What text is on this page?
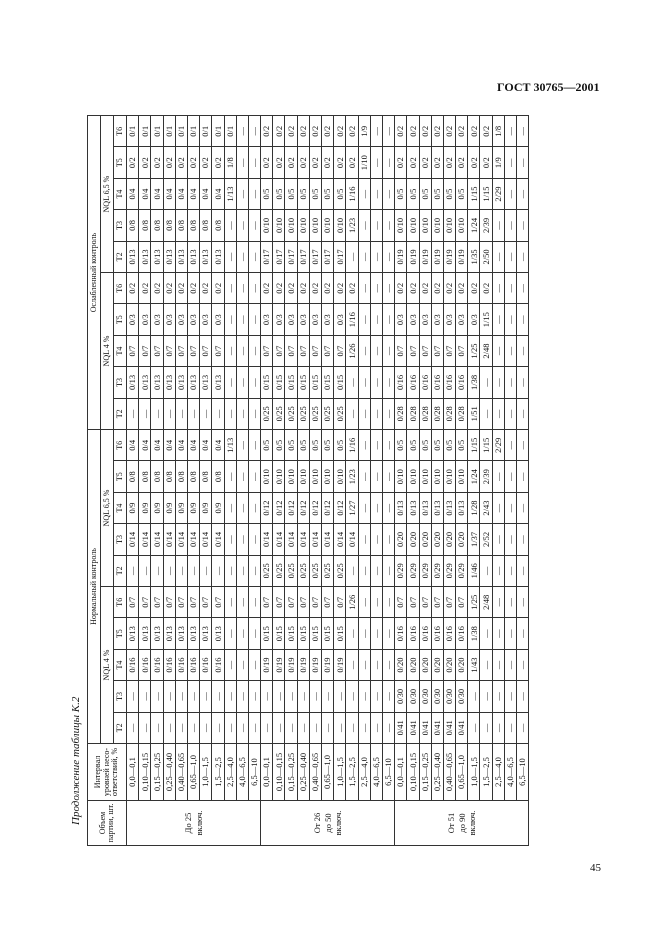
ГОСТ 30765—2001
Продолжение таблицы К.2 Объем партии, шт.	Интервал уровней несо-ответствий, %	Нормальный контроль										Ослабленный контроль									
		NQL 4 %					NQL 6,5 %					NQL 4 %					NQL 6,5 %				
		Т2	Т3	Т4	Т5	Т6	Т2	Т3	Т4	Т5	Т6	Т2	Т3	Т4	Т5	Т6	Т2	Т3	Т4	Т5	Т6

До 25 включ.	0,0—0,1	—	—	0/16	0/13	0/7	—	0/14	0/9	0/8	0/4	—	0/13	0/7	0/3	0/2	0/13	0/8	0/4	0/2	0/1
	0,10—0,15	—	—	0/16	0/13	0/7	—	0/14	0/9	0/8	0/4	—	0/13	0/7	0/3	0/2	0/13	0/8	0/4	0/2	0/1
	0,15—0,25	—	—	0/16	0/13	0/7	—	0/14	0/9	0/8	0/4	—	0/13	0/7	0/3	0/2	0/13	0/8	0/4	0/2	0/1
	0,25—0,40	—	—	0/16	0/13	0/7	—	0/14	0/9	0/8	0/4	—	0/13	0/7	0/3	0/2	0/13	0/8	0/4	0/2	0/1
	0,40—0,65	—	—	0/16	0/13	0/7	—	0/14	0/9	0/8	0/4	—	0/13	0/7	0/3	0/2	0/13	0/8	0/4	0/2	0/1
	0,65—1,0	—	—	0/16	0/13	0/7	—	0/14	0/9	0/8	0/4	—	0/13	0/7	0/3	0/2	0/13	0/8	0/4	0/2	0/1
	1,0—1,5	—	—	0/16	0/13	0/7	—	0/14	0/9	0/8	0/4	—	0/13	0/7	0/3	0/2	0/13	0/8	0/4	0/2	0/1
	1,5—2,5	—	—	0/16	0/13	0/7	—	0/14	0/9	0/8	0/4	—	0/13	0/7	0/3	0/2	0/13	0/8	0/4	0/2	0/1
	2,5—4,0	—	—	—	—	—	—	—	—	—	1/13	—	—	—	—	—	—	—	1/13	1/8	0/1
	4,0—6,5	—	—	—	—	—	—	—	—	—	—	—	—	—	—	—	—	—	—	—	—
	6,5—10	—	—	—	—	—	—	—	—	—	—	—	—	—	—	—	—	—	—	—	—

От 26 до 50 включ.	0,0—0,1	—	—	0/19	0/15	0/7	0/25	0/14	0/12	0/10	0/5	0/25	0/15	0/7	0/3	0/2	0/17	0/10	0/5	0/2	0/2
	0,10—0,15	—	—	0/19	0/15	0/7	0/25	0/14	0/12	0/10	0/5	0/25	0/15	0/7	0/3	0/2	0/17	0/10	0/5	0/2	0/2
	0,15—0,25	—	—	0/19	0/15	0/7	0/25	0/14	0/12	0/10	0/5	0/25	0/15	0/7	0/3	0/2	0/17	0/10	0/5	0/2	0/2
	0,25—0,40	—	—	0/19	0/15	0/7	0/25	0/14	0/12	0/10	0/5	0/25	0/15	0/7	0/3	0/2	0/17	0/10	0/5	0/2	0/2
	0,40—0,65	—	—	0/19	0/15	0/7	0/25	0/14	0/12	0/10	0/5	0/25	0/15	0/7	0/3	0/2	0/17	0/10	0/5	0/2	0/2
	0,65—1,0	—	—	0/19	0/15	0/7	0/25	0/14	0/12	0/10	0/5	0/25	0/15	0/7	0/3	0/2	0/17	0/10	0/5	0/2	0/2
	1,0—1,5	—	—	0/19	0/15	0/7	0/25	0/14	0/12	0/10	0/5	0/25	0/15	0/7	0/3	0/2	0/17	0/10	0/5	0/2	0/2
	1,5—2,5	—	—	—	—	1/26	—	0/14	1/27	1/23	1/16	—	—	1/26	1/16	0/2	—	1/23	1/16	0/2	0/2
	2,5—4,0	—	—	—	—	—	—	—	—	—	—	—	—	—	—	—	—	—	—	1/10	1/9
	4,0—6,5	—	—	—	—	—	—	—	—	—	—	—	—	—	—	—	—	—	—	—	—
	6,5—10	—	—	—	—	—	—	—	—	—	—	—	—	—	—	—	—	—	—	—	—

От 51 до 90 включ.	0,0—0,1	0/41	0/30	0/20	0/16	0/7	0/29	0/20	0/13	0/10	0/5	0/28	0/16	0/7	0/3	0/2	0/19	0/10	0/5	0/2	0/2
	0,10—0,15	0/41	0/30	0/20	0/16	0/7	0/29	0/20	0/13	0/10	0/5	0/28	0/16	0/7	0/3	0/2	0/19	0/10	0/5	0/2	0/2
	0,15—0,25	0/41	0/30	0/20	0/16	0/7	0/29	0/20	0/13	0/10	0/5	0/28	0/16	0/7	0/3	0/2	0/19	0/10	0/5	0/2	0/2
	0,25—0,40	0/41	0/30	0/20	0/16	0/7	0/29	0/20	0/13	0/10	0/5	0/28	0/16	0/7	0/3	0/2	0/19	0/10	0/5	0/2	0/2
	0,40—0,65	0/41	0/30	0/20	0/16	0/7	0/29	0/20	0/13	0/10	0/5	0/28	0/16	0/7	0/3	0/2	0/19	0/10	0/5	0/2	0/2
	0,65—1,0	0/41	0/30	0/20	0/16	0/7	0/29	0/20	0/13	0/10	0/5	0/28	0/16	0/7	0/3	0/2	0/19	0/10	0/5	0/2	0/2
	1,0—1,5	—	—	1/43	1/38	1/25	1/46	1/37	1/28	1/24	1/15	1/51	1/38	1/25	0/3	0/2	1/35	1/24	1/15	0/2	0/2
	1,5—2,5	—	—	—	—	2/48	—	2/52	2/43	2/39	1/15	—	—	2/48	1/15	0/2	2/50	2/39	1/15	0/2	0/2
	2,5—4,0	—	—	—	—	—	—	—	—	—	2/29	—	—	—	—	—	—	—	2/29	1/9	1/8
	4,0—6,5	—	—	—	—	—	—	—	—	—	—	—	—	—	—	—	—	—	—	—	—
	6,5—10	—	—	—	—	—	—	—	—	—	—	—	—	—	—	—	—	—	—	—	—
45
